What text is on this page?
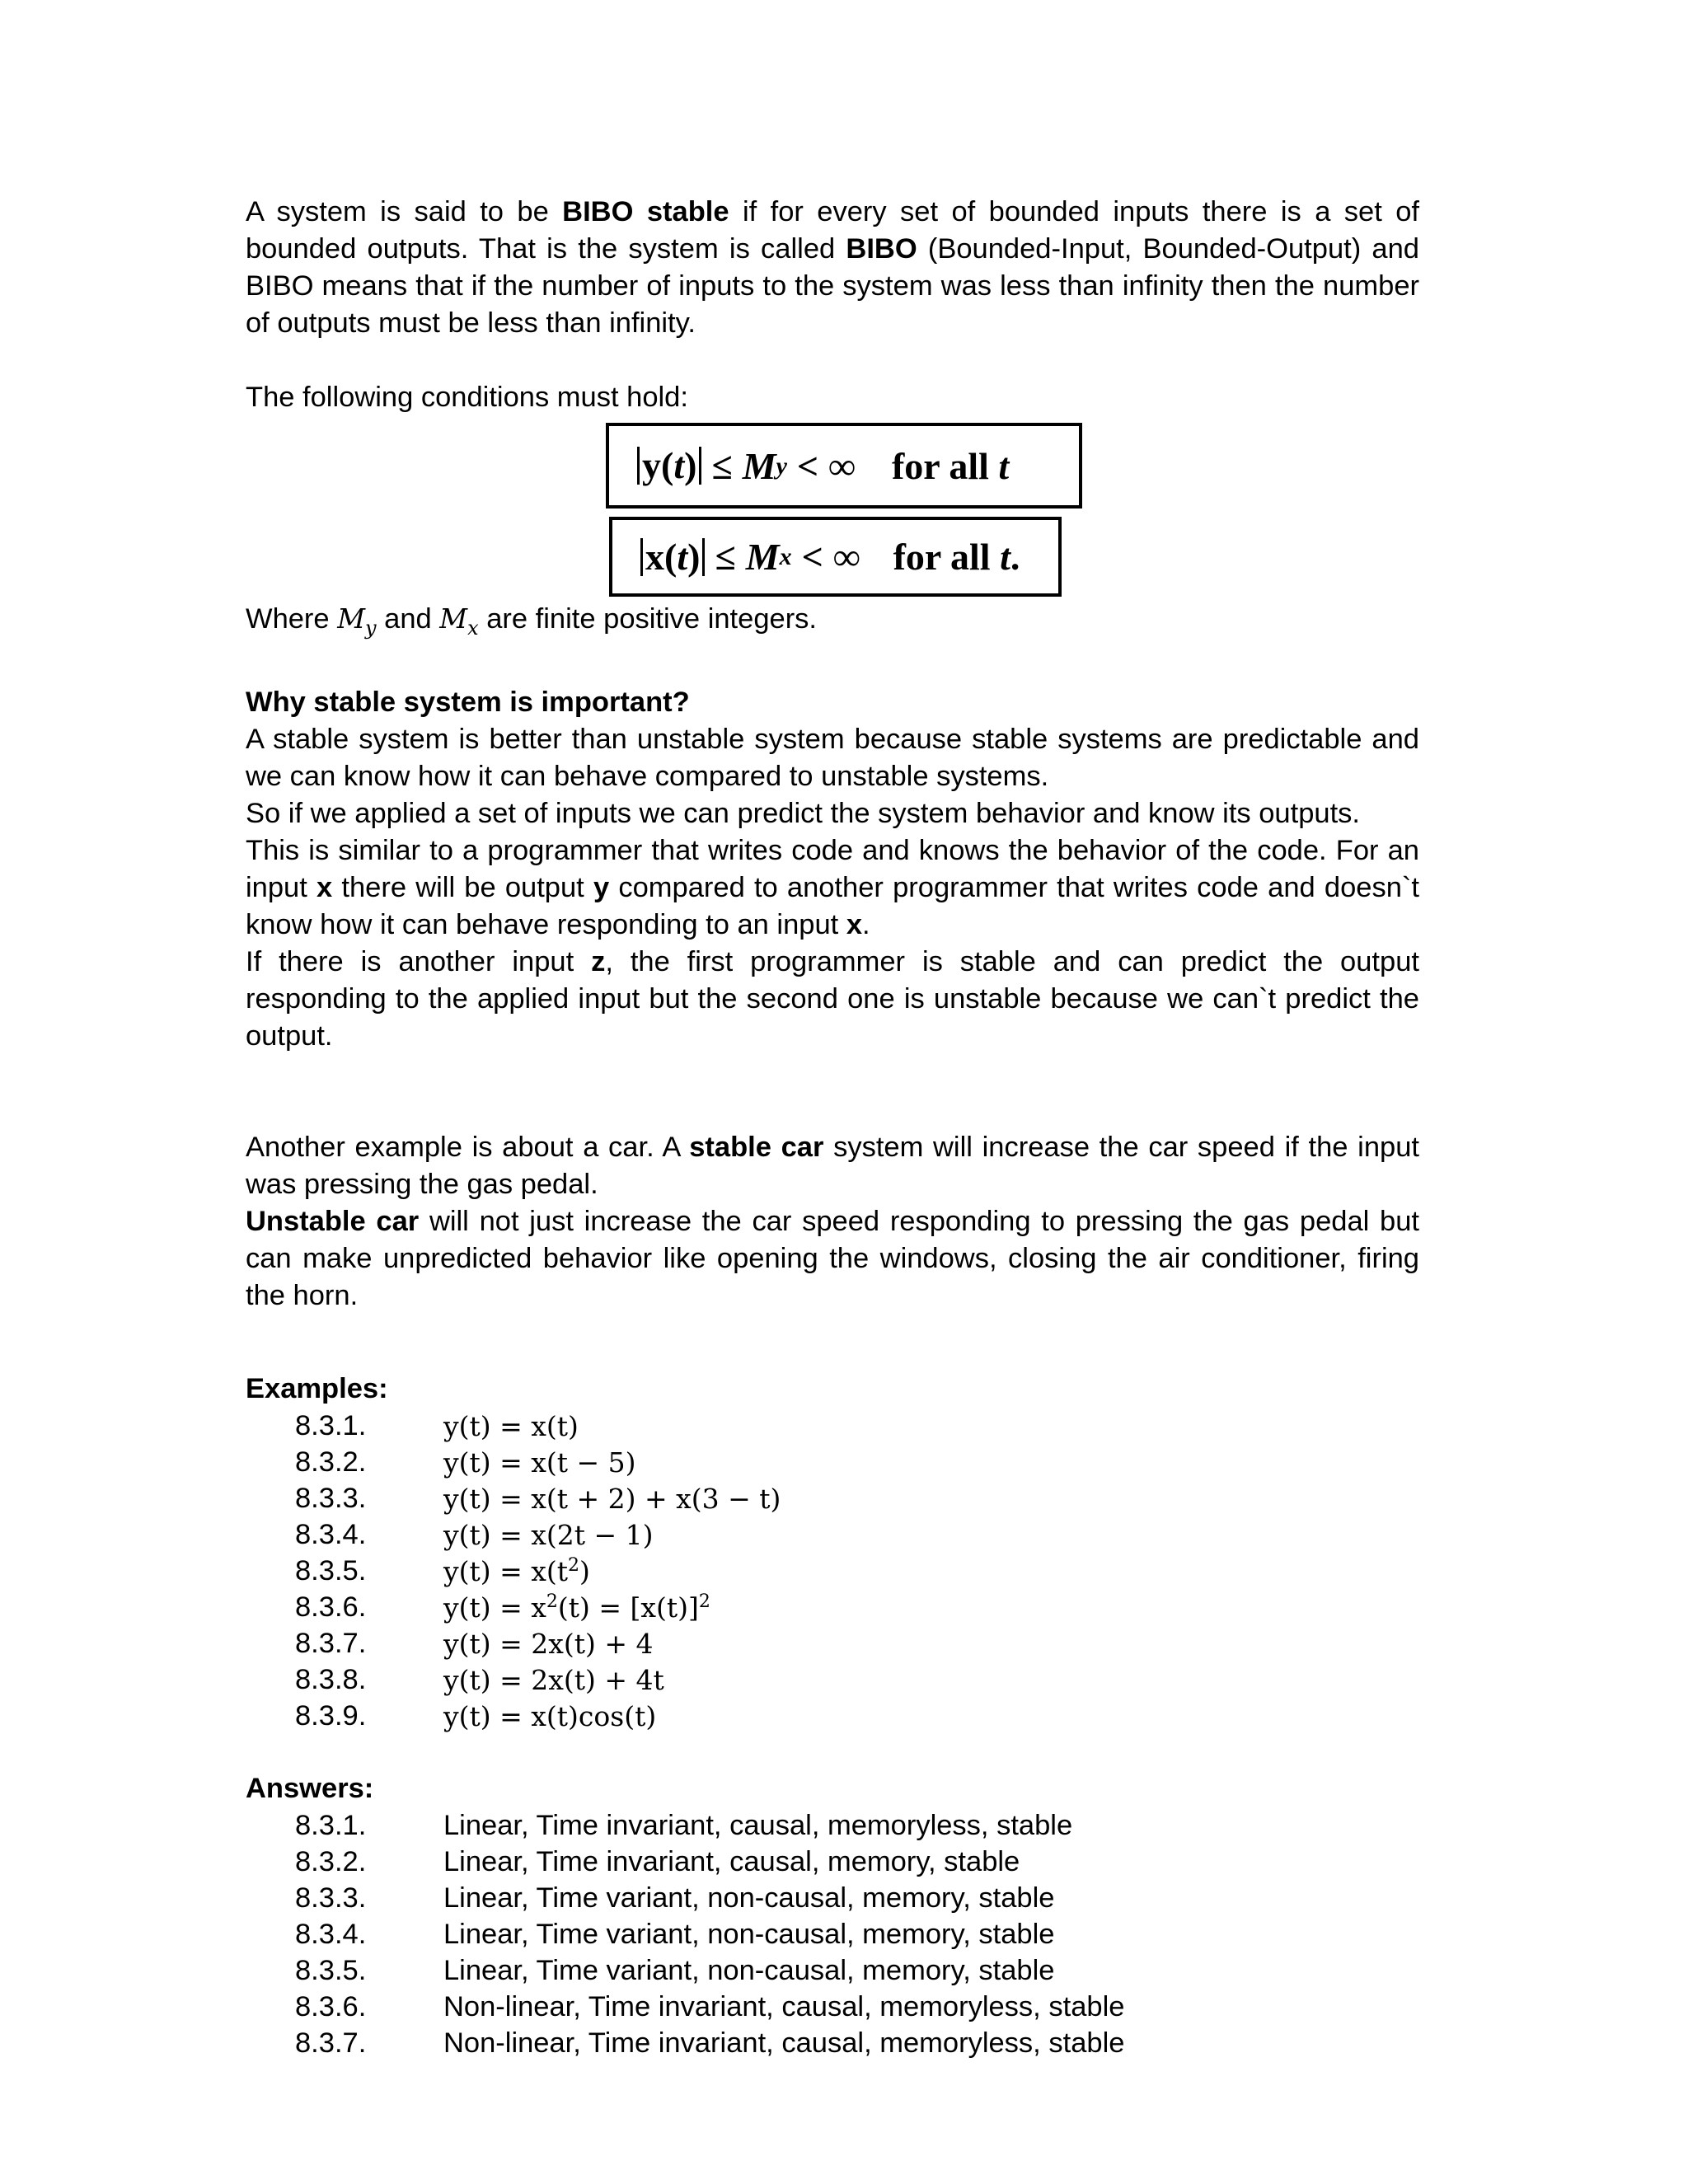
A system is said to be BIBO stable if for every set of bounded inputs there is a set of bounded outputs. That is the system is called BIBO (Bounded-Input, Bounded-Output) and BIBO means that if the number of inputs to the system was less than infinity then the number of outputs must be less than infinity.

The following conditions must hold:

y(t) ≤ M y < ∞ for all t
x(t) ≤ M x < ∞ for all t.

Where $M_y$ and $M_x$ are finite positive integers.

Why stable system is important?

A stable system is better than unstable system because stable systems are predictable and we can know how it can behave compared to unstable systems.

So if we applied a set of inputs we can predict the system behavior and know its outputs.

This is similar to a programmer that writes code and knows the behavior of the code. For an input x there will be output y compared to another programmer that writes code and doesn`t know how it can behave responding to an input x.

If there is another input z, the first programmer is stable and can predict the output responding to the applied input but the second one is unstable because we can`t predict the output.

Another example is about a car. A stable car system will increase the car speed if the input was pressing the gas pedal.

Unstable car will not just increase the car speed responding to pressing the gas pedal but can make unpredicted behavior like opening the windows, closing the air conditioner, firing the horn.

Examples:

8.3.1.	y(t) = x(t)
8.3.2.	y(t) = x(t − 5)
8.3.3.	y(t) = x(t + 2) + x(3 − t)
8.3.4.	y(t) = x(2t − 1)
8.3.5.	$y(t) = x(t^2)$
8.3.6.	$y(t) = x^2(t) = [x(t)]^2$
8.3.7.	y(t) = 2x(t) + 4
8.3.8.	y(t) = 2x(t) + 4t
8.3.9.	y(t) = x(t)cos(t)

Answers:

8.3.1.	Linear, Time invariant, causal, memoryless, stable
8.3.2.	Linear, Time invariant, causal, memory, stable
8.3.3.	Linear, Time variant, non-causal, memory, stable
8.3.4.	Linear, Time variant, non-causal, memory, stable
8.3.5.	Linear, Time variant, non-causal, memory, stable
8.3.6.	Non-linear, Time invariant, causal, memoryless, stable
8.3.7.	Non-linear, Time invariant, causal, memoryless, stable
